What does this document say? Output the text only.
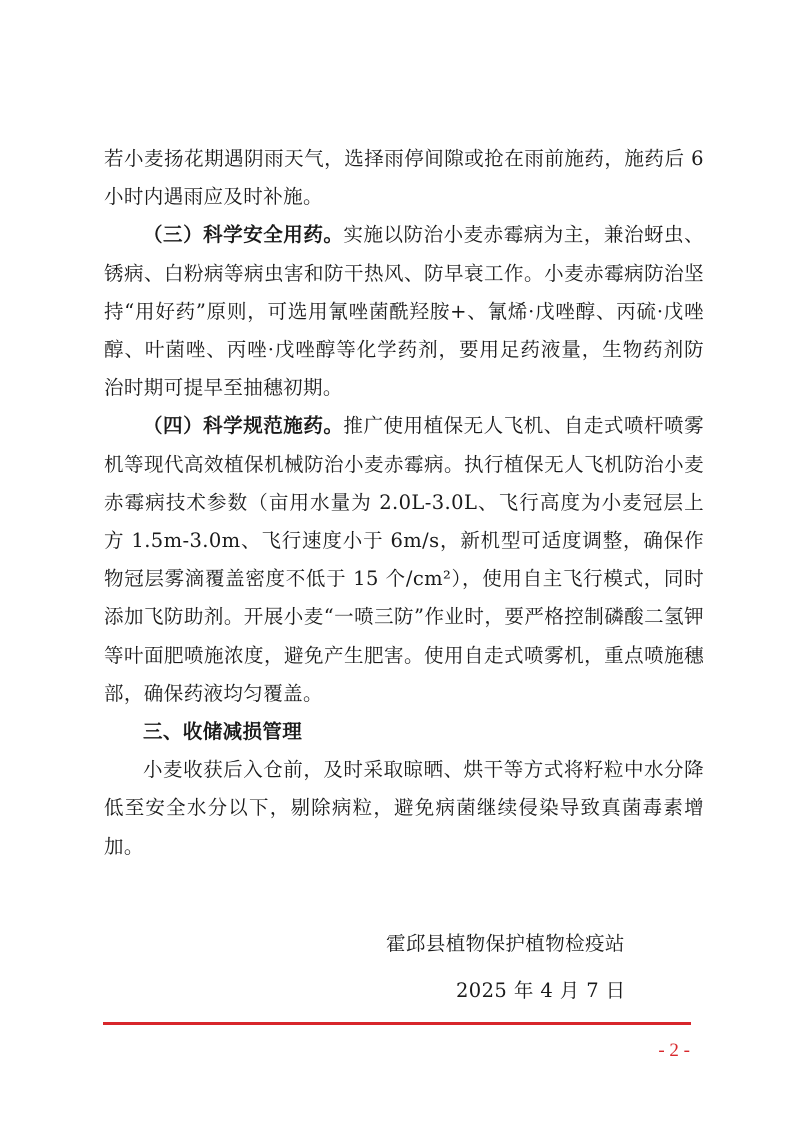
若小麦扬花期遇阴雨天气，选择雨停间隙或抢在雨前施药，施药后 6 小时内遇雨应及时补施。

（三）科学安全用药。实施以防治小麦赤霉病为主，兼治蚜虫、锈病、白粉病等病虫害和防干热风、防早衰工作。小麦赤霉病防治坚持“用好药”原则，可选用氰唑菌酰羟胺+、氰烯·戊唑醇、丙硫·戊唑醇、叶菌唑、丙唑·戊唑醇等化学药剂，要用足药液量，生物药剂防治时期可提早至抽穗初期。

（四）科学规范施药。推广使用植保无人飞机、自走式喷杆喷雾机等现代高效植保机械防治小麦赤霉病。执行植保无人飞机防治小麦赤霉病技术参数（亩用水量为 2.0L-3.0L、飞行高度为小麦冠层上方 1.5m-3.0m、飞行速度小于 6m/s，新机型可适度调整，确保作物冠层雾滴覆盖密度不低于 15 个/cm²），使用自主飞行模式，同时添加飞防助剂。开展小麦“一喷三防”作业时，要严格控制磷酸二氢钾等叶面肥喷施浓度，避免产生肥害。使用自走式喷雾机，重点喷施穗部，确保药液均匀覆盖。

三、收储减损管理

小麦收获后入仓前，及时采取晾晒、烘干等方式将籽粒中水分降低至安全水分以下，剔除病粒，避免病菌继续侵染导致真菌毒素增加。

霍邱县植物保护植物检疫站
2025 年 4 月 7 日
- 2 -
